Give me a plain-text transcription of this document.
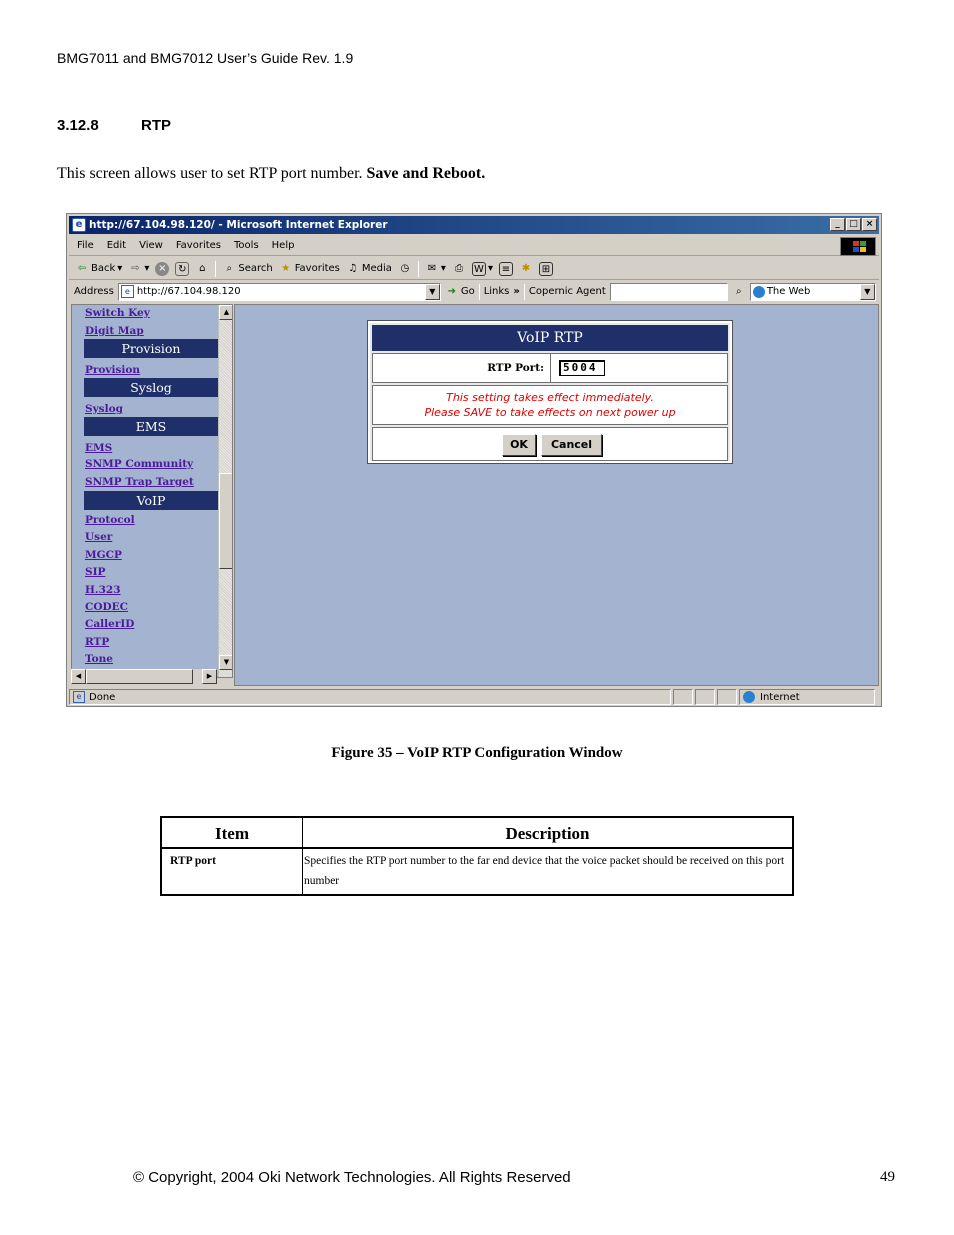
BMG7011 and BMG7012 User’s Guide Rev. 1.9
3.12.8	RTP
This screen allows user to set RTP port number. Save and Reboot.
e http://67.104.98.120/ - Microsoft Internet Explorer	_	□ ×
File Edit View Favorites Tools Help
⇦ Back ▾ ⇨ ▾ × ↻	⌂	⌕ Search ★ Favorites ♫ Media ◷ ✉ ▾ ⎙	W ▾ ≡ ✱ ⊞
Address	e http://67.104.98.120	▼	➜ Go Links » Copernic Agent	⌕	The Web	▼
Switch Key
Digit Map
Provision
Provision
Syslog
Syslog
EMS
EMS
SNMP Community
SNMP Trap Target
VoIP
Protocol
User
MGCP
SIP
H.323
CODEC
CallerID
RTP
Tone
▲
▼
◀	▶
VoIP RTP
RTP Port:	5004
This setting takes effect immediately.
Please SAVE to take effects on next power up
OK	Cancel
e Done	Internet
Figure 35 – VoIP RTP Configuration Window
Item	Description
RTP port	Specifies the RTP port number to the far end device that the voice packet should be received on this port number
© Copyright, 2004 Oki Network Technologies. All Rights Reserved	49
